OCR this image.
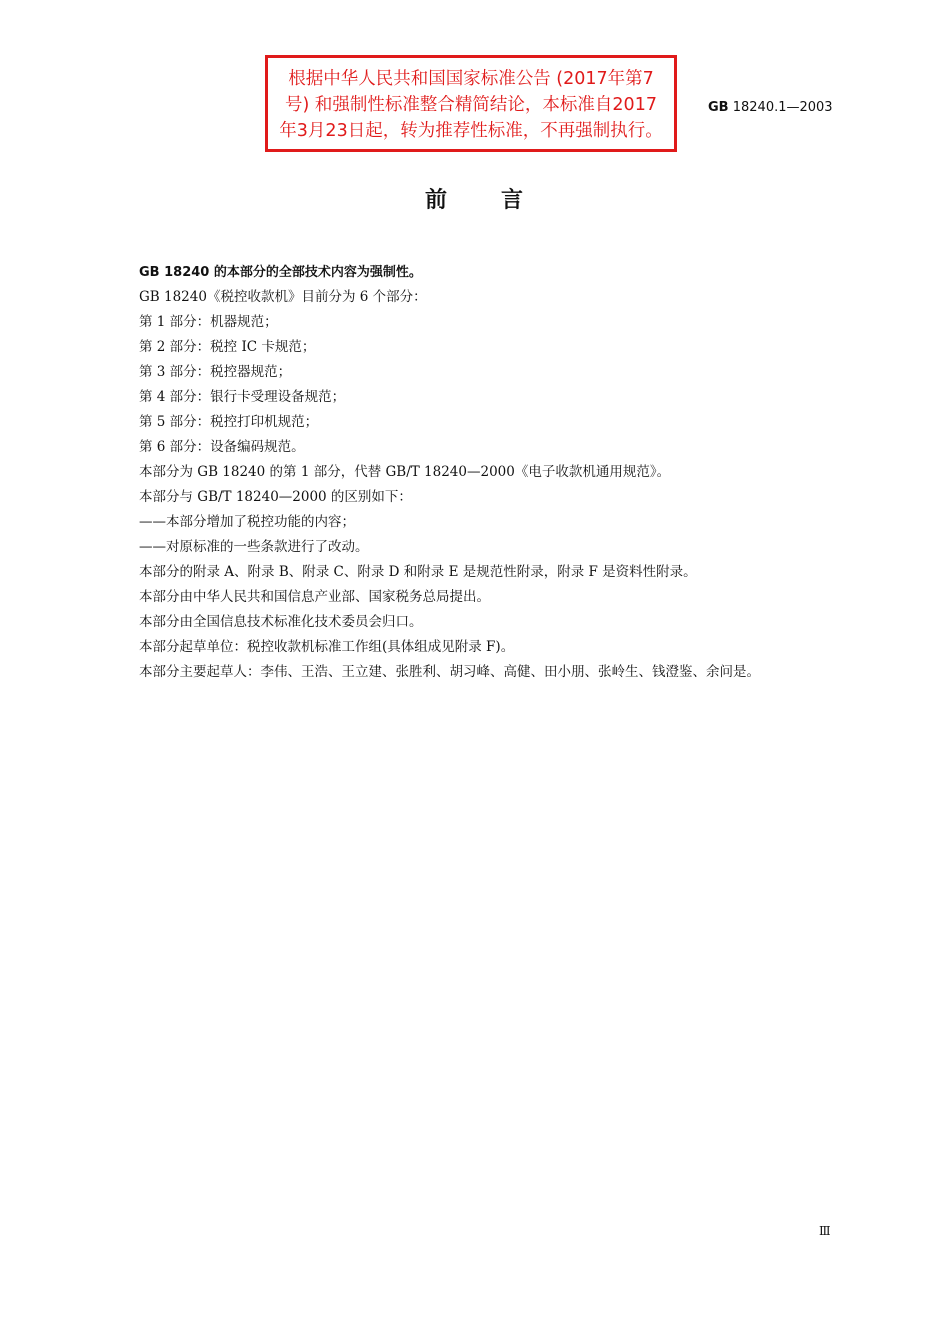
根据中华人民共和国国家标准公告 (2017年第7
号) 和强制性标准整合精简结论，本标准自2017
年3月23日起，转为推荐性标准，不再强制执行。
GB 18240.1—2003
前 言

GB 18240 的本部分的全部技术内容为强制性。

GB 18240《税控收款机》目前分为 6 个部分：

第 1 部分：机器规范；

第 2 部分：税控 IC 卡规范；

第 3 部分：税控器规范；

第 4 部分：银行卡受理设备规范；

第 5 部分：税控打印机规范；

第 6 部分：设备编码规范。

本部分为 GB 18240 的第 1 部分，代替 GB/T 18240—2000《电子收款机通用规范》。

本部分与 GB/T 18240—2000 的区别如下：

——本部分增加了税控功能的内容；

——对原标准的一些条款进行了改动。

本部分的附录 A、附录 B、附录 C、附录 D 和附录 E 是规范性附录，附录 F 是资料性附录。

本部分由中华人民共和国信息产业部、国家税务总局提出。

本部分由全国信息技术标准化技术委员会归口。

本部分起草单位：税控收款机标准工作组(具体组成见附录 F)。

本部分主要起草人：李伟、王浩、王立建、张胜利、胡习峰、高健、田小朋、张岭生、钱澄鉴、余问是。

Ⅲ
